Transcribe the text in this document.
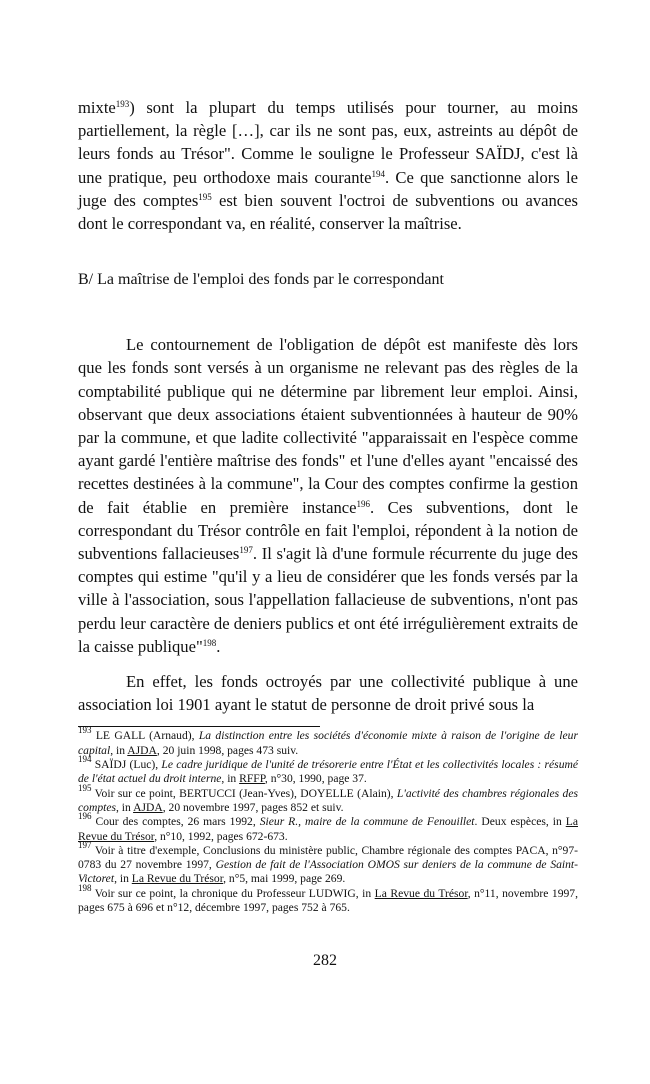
mixte$^{193}$) sont la plupart du temps utilisés pour tourner, au moins partiellement, la règle […], car ils ne sont pas, eux, astreints au dépôt de leurs fonds au Trésor". Comme le souligne le Professeur SAÏDJ, c'est là une pratique, peu orthodoxe mais courante$^{194}$. Ce que sanctionne alors le juge des comptes$^{195}$ est bien souvent l'octroi de subventions ou avances dont le correspondant va, en réalité, conserver la maîtrise.

B/ La maîtrise de l'emploi des fonds par le correspondant

Le contournement de l'obligation de dépôt est manifeste dès lors que les fonds sont versés à un organisme ne relevant pas des règles de la comptabilité publique qui ne détermine par librement leur emploi. Ainsi, observant que deux associations étaient subventionnées à hauteur de 90% par la commune, et que ladite collectivité "apparaissait en l'espèce comme ayant gardé l'entière maîtrise des fonds" et l'une d'elles ayant "encaissé des recettes destinées à la commune", la Cour des comptes confirme la gestion de fait établie en première instance$^{196}$. Ces subventions, dont le correspondant du Trésor contrôle en fait l'emploi, répondent à la notion de subventions fallacieuses$^{197}$. Il s'agit là d'une formule récurrente du juge des comptes qui estime "qu'il y a lieu de considérer que les fonds versés par la ville à l'association, sous l'appellation fallacieuse de subventions, n'ont pas perdu leur caractère de deniers publics et ont été irrégulièrement extraits de la caisse publique"$^{198}$.

En effet, les fonds octroyés par une collectivité publique à une association loi 1901 ayant le statut de personne de droit privé sous la

$^{193}$ LE GALL (Arnaud), La distinction entre les sociétés d'économie mixte à raison de l'origine de leur capital, in AJDA, 20 juin 1998, pages 473 suiv.

$^{194}$ SAÏDJ (Luc), Le cadre juridique de l'unité de trésorerie entre l'État et les collectivités locales : résumé de l'état actuel du droit interne, in RFFP, n°30, 1990, page 37.

$^{195}$ Voir sur ce point, BERTUCCI (Jean-Yves), DOYELLE (Alain), L'activité des chambres régionales des comptes, in AJDA, 20 novembre 1997, pages 852 et suiv.

$^{196}$ Cour des comptes, 26 mars 1992, Sieur R., maire de la commune de Fenouillet. Deux espèces, in La Revue du Trésor, n°10, 1992, pages 672-673.

$^{197}$ Voir à titre d'exemple, Conclusions du ministère public, Chambre régionale des comptes PACA, n°97-0783 du 27 novembre 1997, Gestion de fait de l'Association OMOS sur deniers de la commune de Saint-Victoret, in La Revue du Trésor, n°5, mai 1999, page 269.

$^{198}$ Voir sur ce point, la chronique du Professeur LUDWIG, in La Revue du Trésor, n°11, novembre 1997, pages 675 à 696 et n°12, décembre 1997, pages 752 à 765.

282
